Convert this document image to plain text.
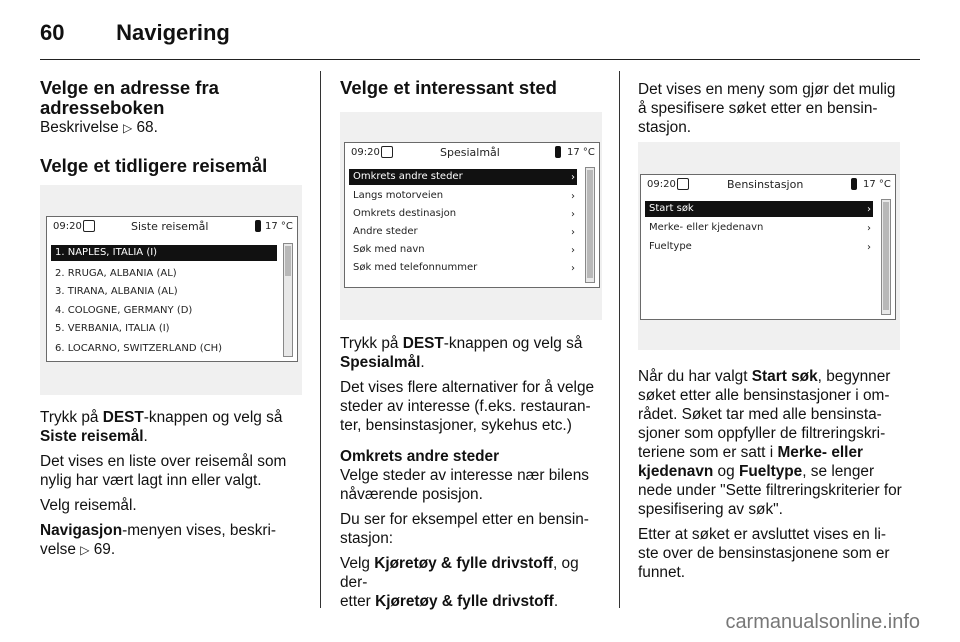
60 Navigering
Velge en adresse fra adresseboken

Beskrivelse ▷ 68.

Velge et tidligere reisemål
09:20	Siste reisemål	17 °C
1. NAPLES, ITALIA (I)
2. RRUGA, ALBANIA (AL)
3. TIRANA, ALBANIA (AL)
4. COLOGNE, GERMANY (D)
5. VERBANIA, ITALIA (I)
6. LOCARNO, SWITZERLAND (CH)

Trykk på DEST-knappen og velg så
Siste reisemål.

Det vises en liste over reisemål som nylig har vært lagt inn eller valgt.

Velg reisemål.

Navigasjon-menyen vises, beskri-
velse ▷ 69.

Velge et interessant sted
09:20	Spesialmål	17 °C
Omkrets andre steder
Langs motorveien
Omkrets destinasjon
Andre steder
Søk med navn
Søk med telefonnummer
›
›
›
›
›
›

Trykk på DEST-knappen og velg så
Spesialmål.

Det vises flere alternativer for å velge steder av interesse (f.eks. restauran-ter, bensinstasjoner, sykehus etc.)

Omkrets andre steder

Velge steder av interesse nær bilens nåværende posisjon.

Du ser for eksempel etter en bensin-stasjon:

Velg Kjøretøy & fylle drivstoff, og der-
etter Kjøretøy & fylle drivstoff.

Det vises en meny som gjør det mulig å spesifisere søket etter en bensin-stasjon.

09:20	Bensinstasjon	17 °C
Start søk
Merke- eller kjedenavn
Fueltype
›
›
›

Når du har valgt Start søk, begynner søket etter alle bensinstasjoner i om-rådet. Søket tar med alle bensinsta-sjoner som oppfyller de filtreringskri-teriene som er satt i Merke- eller kjedenavn og Fueltype, se lenger nede under "Sette filtreringskriterier for spesifisering av søk".

Etter at søket er avsluttet vises en li-ste over de bensinstasjonene som er funnet.

carmanualsonline.info
